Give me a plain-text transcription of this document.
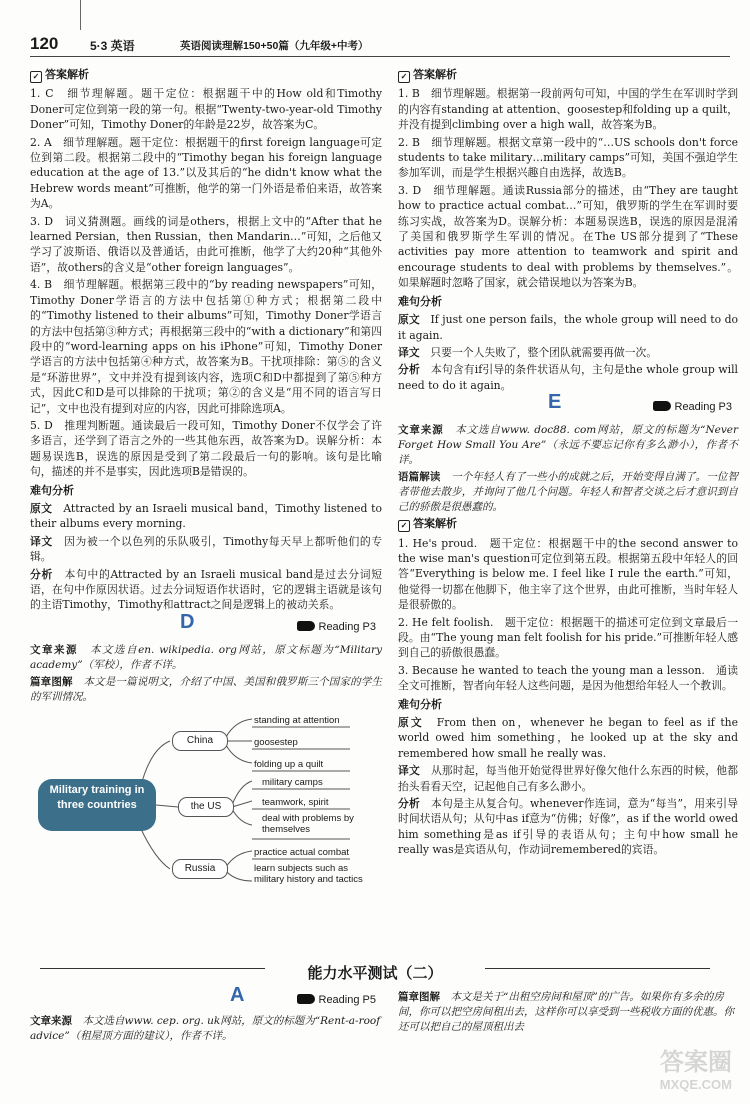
120	5·3 英语	英语阅读理解150+50篇（九年级+中考）
✓ 答案解析

1. C　细节理解题。题干定位：根据题干中的How old和Timothy Doner可定位到第一段的第一句。根据“Twenty-two-year-old Timothy Doner”可知，Timothy Doner的年龄是22岁，故答案为C。

2. A　细节理解题。题干定位：根据题干的first foreign language可定位到第二段。根据第二段中的“Timothy began his foreign language education at the age of 13.”以及其后的“he didn't know what the Hebrew words meant”可推断，他学的第一门外语是希伯来语，故答案为A。

3. D　词义猜测题。画线的词是others，根据上文中的“After that he learned Persian，then Russian，then Mandarin…”可知，之后他又学习了波斯语、俄语以及普通话，由此可推断，他学了大约20种“其他外语”，故others的含义是“other foreign languages”。

4. B　细节理解题。根据第三段中的“by reading newspapers”可知，Timothy Doner学语言的方法中包括第①种方式；根据第二段中的“Timothy listened to their albums”可知，Timothy Doner学语言的方法中包括第③种方式；再根据第三段中的“with a dictionary”和第四段中的“word-learning apps on his iPhone”可知，Timothy Doner学语言的方法中包括第④种方式，故答案为B。干扰项排除：第⑤的含义是“环游世界”，文中并没有提到该内容，选项C和D中都提到了第⑤种方式，因此C和D是可以排除的干扰项；第②的含义是“用不同的语言写日记”，文中也没有提到对应的内容，因此可排除选项A。

5. D　推理判断题。通读最后一段可知，Timothy Doner不仅学会了许多语言，还学到了语言之外的一些其他东西，故答案为D。误解分析：本题易误选B，误选的原因是受到了第二段最后一句的影响。该句是比喻句，描述的并不是事实，因此选项B是错误的。

难句分析

原文　 Attracted by an Israeli musical band，Timothy listened to their albums every morning.

译文　 因为被一个以色列的乐队吸引，Timothy每天早上都听他们的专辑。

分析　 本句中的Attracted by an Israeli musical band是过去分词短语，在句中作原因状语。过去分词短语作状语时，它的逻辑主语就是该句的主语Timothy，Timothy和attract之间是逻辑上的被动关系。

D	Reading P3

文章来源　 本文选自en. wikipedia. org网站，原文标题为“Military academy”（军校），作者不详。

篇章图解　 本文是一篇说明文，介绍了中国、美国和俄罗斯三个国家的学生的军训情况。

Military training in three countries
China
the US
Russia
standing at attention
goosestep
folding up a quilt
military camps
teamwork, spirit
deal with problems by themselves
practice actual combat
learn subjects such as military history and tactics
✓ 答案解析

1. B　细节理解题。根据第一段前两句可知，中国的学生在军训时学到的内容有standing at attention、goosestep和folding up a quilt，并没有提到climbing over a high wall，故答案为B。

2. B　细节理解题。根据文章第一段中的“…US schools don't force students to take military…military camps”可知，美国不强迫学生参加军训，而是学生根据兴趣自由选择，故选B。

3. D　细节理解题。通读Russia部分的描述，由“They are taught how to practice actual combat…”可知，俄罗斯的学生在军训时要练习实战，故答案为D。误解分析：本题易误选B，误选的原因是混淆了美国和俄罗斯学生军训的情况。在The US部分提到了“These activities pay more attention to teamwork and spirit and encourage students to deal with problems by themselves.”。如果解题时忽略了国家，就会错误地以为答案为B。

难句分析

原文　 If just one person fails，the whole group will need to do it again.

译文　 只要一个人失败了，整个团队就需要再做一次。

分析　 本句含有if引导的条件状语从句，主句是the whole group will need to do it again。

E	Reading P3

文章来源　 本文选自www. doc88. com网站，原文的标题为“Never Forget How Small You Are”（永远不要忘记你有多么渺小），作者不详。

语篇解读　 一个年轻人有了一些小的成就之后，开始变得自满了。一位智者带他去散步，并询问了他几个问题。年轻人和智者交谈之后才意识到自己的骄傲是很愚蠢的。

✓ 答案解析

1. He's proud.　题干定位：根据题干中的the second answer to the wise man's question可定位到第五段。根据第五段中年轻人的回答“Everything is below me. I feel like I rule the earth.”可知，他觉得一切都在他脚下，他主宰了这个世界，由此可推断，当时年轻人是很骄傲的。

2. He felt foolish.　题干定位：根据题干的描述可定位到文章最后一段。由“The young man felt foolish for his pride.”可推断年轻人感到自己的骄傲很愚蠢。

3. Because he wanted to teach the young man a lesson.　通读全文可推断，智者向年轻人这些问题，是因为他想给年轻人一个教训。

难句分析

原文　 From then on，whenever he began to feel as if the world owed him something，he looked up at the sky and remembered how small he really was.

译文　 从那时起，每当他开始觉得世界好像欠他什么东西的时候，他都抬头看看天空，记起他自己有多么渺小。

分析　 本句是主从复合句。whenever作连词，意为“每当”，用来引导时间状语从句；从句中as if意为“仿佛；好像”，as if the world owed him something是as if引导的表语从句；主句中how small he really was是宾语从句，作动词remembered的宾语。

能力水平测试（二）
A	Reading P5

文章来源　 本文选自www. cep. org. uk网站，原文的标题为“Rent-a-roof advice”（租屋顶方面的建议），作者不详。

篇章图解　 本文是关于“出租空房间和屋顶”的广告。如果你有多余的房间，你可以把空房间租出去，这样你可以享受到一些税收方面的优惠。你还可以把自己的屋顶租出去

答案圈
MXQE.COM
